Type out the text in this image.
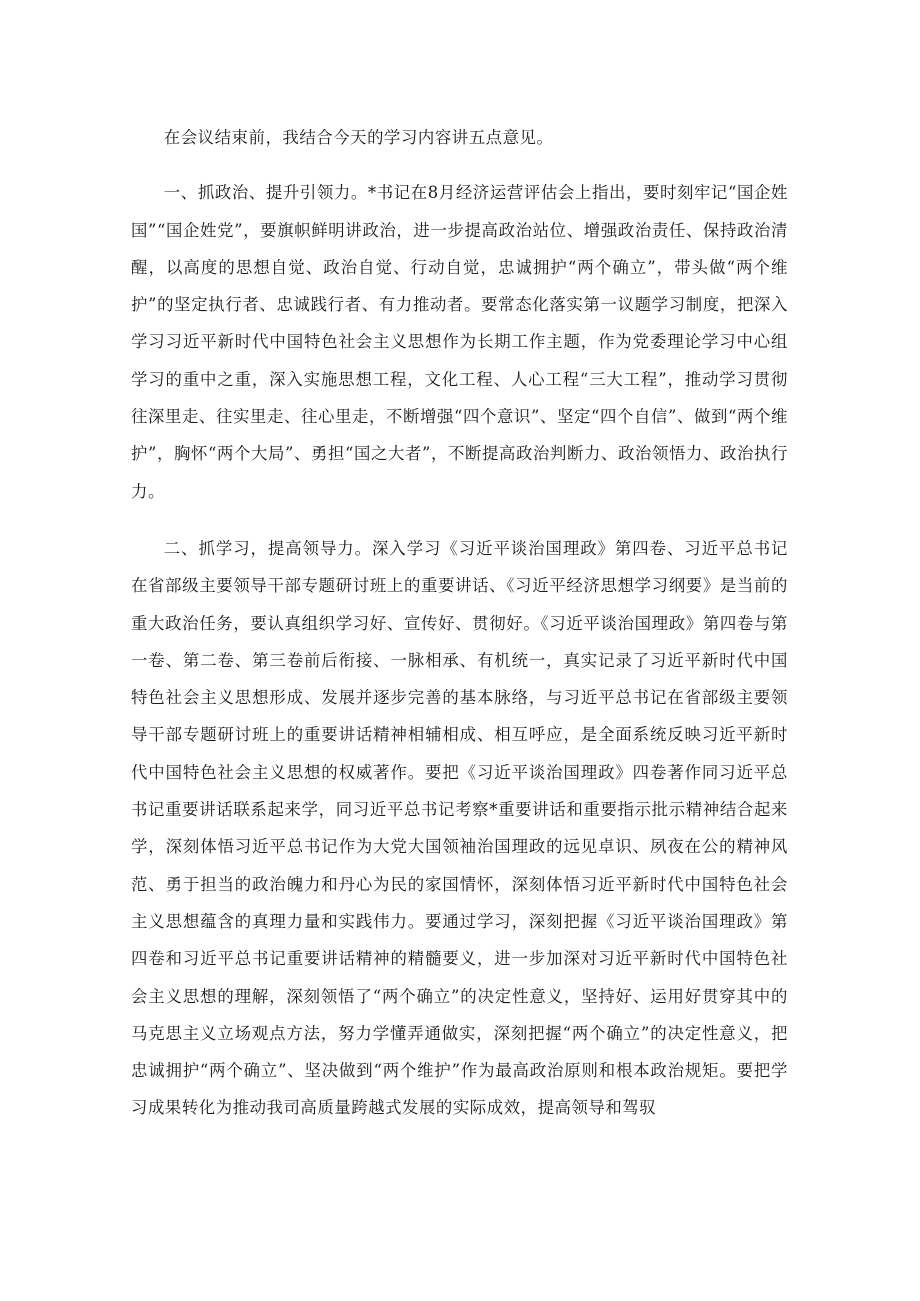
在会议结束前，我结合今天的学习内容讲五点意见。

一、抓政治、提升引领力。*书记在8月经济运营评估会上指出，要时刻牢记“国企姓国”“国企姓党”，要旗帜鲜明讲政治，进一步提高政治站位、增强政治责任、保持政治清醒，以高度的思想自觉、政治自觉、行动自觉，忠诚拥护“两个确立”，带头做“两个维护”的坚定执行者、忠诚践行者、有力推动者。要常态化落实第一议题学习制度，把深入学习习近平新时代中国特色社会主义思想作为长期工作主题，作为党委理论学习中心组学习的重中之重，深入实施思想工程，文化工程、人心工程“三大工程”，推动学习贯彻往深里走、往实里走、往心里走，不断增强“四个意识”、坚定“四个自信”、做到“两个维护”，胸怀“两个大局”、勇担“国之大者”，不断提高政治判断力、政治领悟力、政治执行力。

二、抓学习，提高领导力。深入学习《习近平谈治国理政》第四卷、习近平总书记在省部级主要领导干部专题研讨班上的重要讲话、《习近平经济思想学习纲要》是当前的重大政治任务，要认真组织学习好、宣传好、贯彻好。《习近平谈治国理政》第四卷与第一卷、第二卷、第三卷前后衔接、一脉相承、有机统一，真实记录了习近平新时代中国特色社会主义思想形成、发展并逐步完善的基本脉络，与习近平总书记在省部级主要领导干部专题研讨班上的重要讲话精神相辅相成、相互呼应，是全面系统反映习近平新时代中国特色社会主义思想的权威著作。要把《习近平谈治国理政》四卷著作同习近平总书记重要讲话联系起来学，同习近平总书记考察*重要讲话和重要指示批示精神结合起来学，深刻体悟习近平总书记作为大党大国领袖治国理政的远见卓识、夙夜在公的精神风范、勇于担当的政治魄力和丹心为民的家国情怀，深刻体悟习近平新时代中国特色社会主义思想蕴含的真理力量和实践伟力。要通过学习，深刻把握《习近平谈治国理政》第四卷和习近平总书记重要讲话精神的精髓要义，进一步加深对习近平新时代中国特色社会主义思想的理解，深刻领悟了“两个确立”的决定性意义，坚持好、运用好贯穿其中的马克思主义立场观点方法，努力学懂弄通做实，深刻把握“两个确立”的决定性意义，把忠诚拥护“两个确立”、坚决做到“两个维护”作为最高政治原则和根本政治规矩。要把学习成果转化为推动我司高质量跨越式发展的实际成效，提高领导和驾驭
